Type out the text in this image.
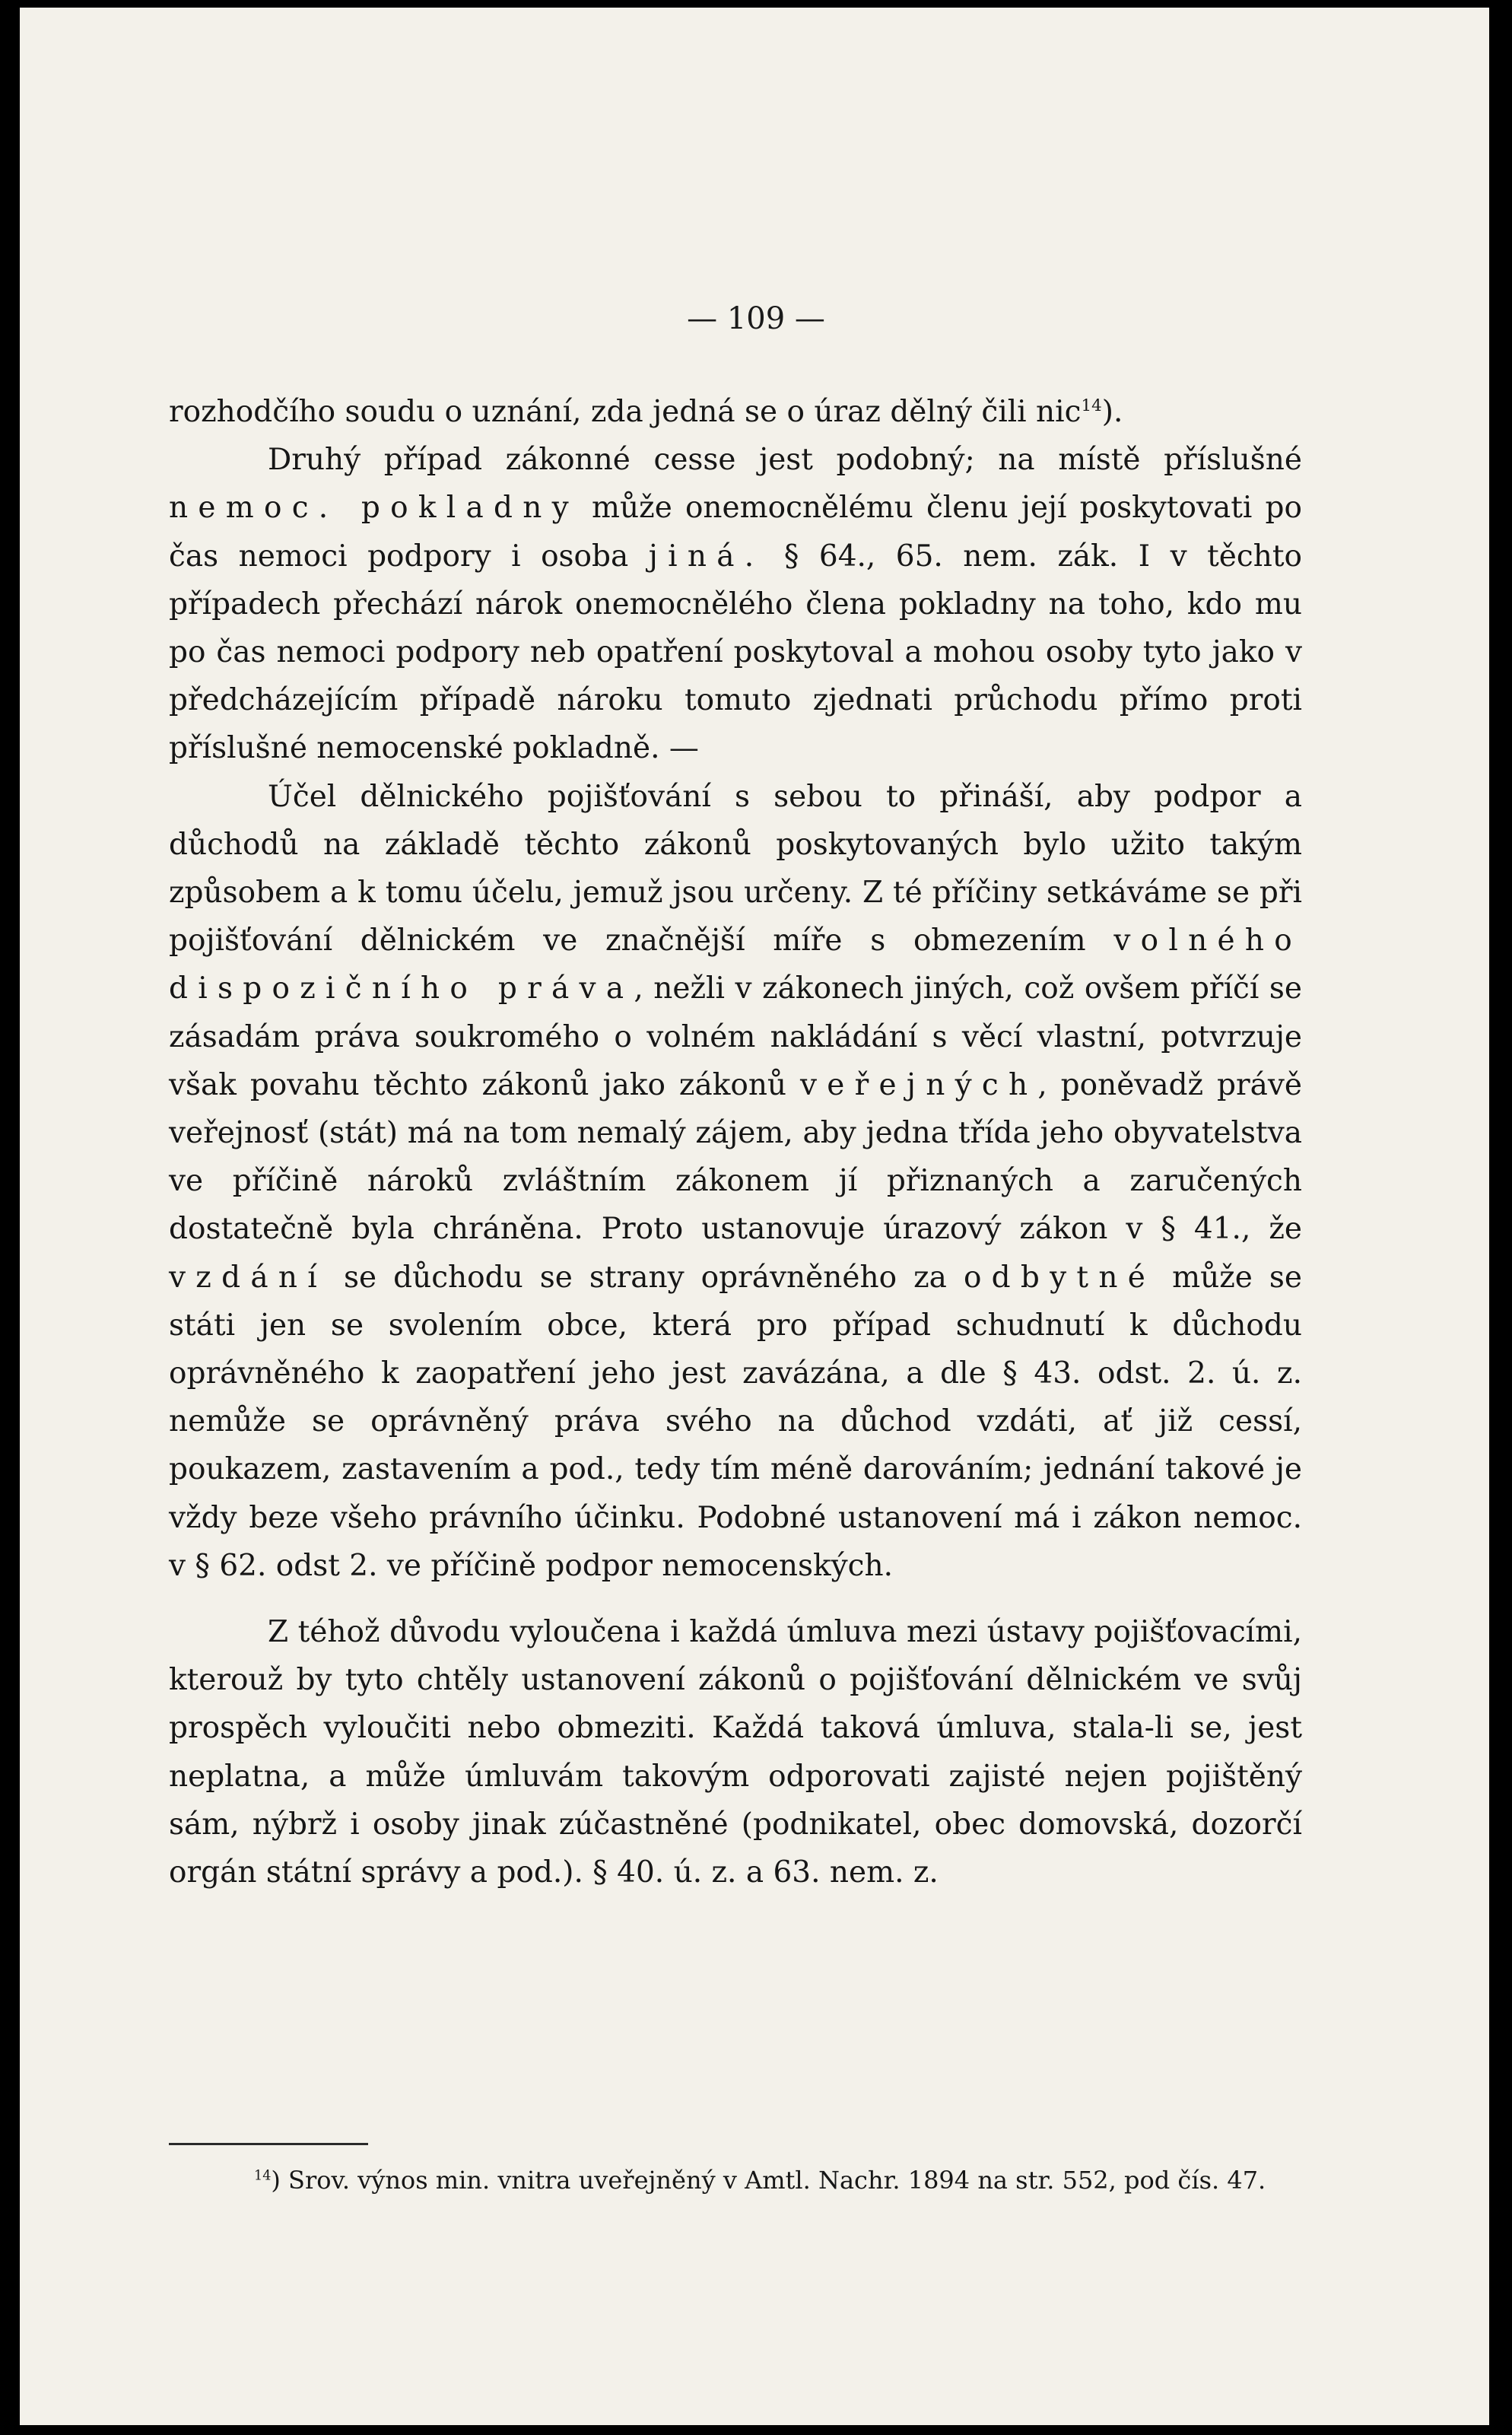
— 109 —

rozhodčího soudu o uznání, zda jedná se o úraz dělný čili nic$^{14}$).

Druhý případ zákonné cesse jest podobný; na místě příslušné nemoc. pokladny může onemocnělému členu její poskytovati po čas nemoci podpory i osoba jiná. § 64., 65. nem. zák. I v těchto případech přechází nárok onemocnělého člena pokladny na toho, kdo mu po čas nemoci podpory neb opatření poskytoval a mohou osoby tyto jako v předcházejícím případě nároku tomuto zjednati průchodu přímo proti příslušné nemocenské pokladně. —

Účel dělnického pojišťování s sebou to přináší, aby podpor a důchodů na základě těchto zákonů poskytovaných bylo užito takým způsobem a k tomu účelu, jemuž jsou určeny. Z té příčiny setkáváme se při pojišťování dělnickém ve značnější míře s obmezením volného dispozičního práva, nežli v zákonech jiných, což ovšem příčí se zásadám práva soukromého o volném nakládání s věcí vlastní, potvrzuje však povahu těchto zákonů jako zákonů veřejných, poněvadž právě veřejnosť (stát) má na tom nemalý zájem, aby jedna třída jeho obyvatelstva ve příčině nároků zvláštním zákonem jí přiznaných a zaručených dostatečně byla chráněna. Proto ustanovuje úrazový zákon v § 41., že vzdání se důchodu se strany oprávněného za odbytné může se státi jen se svolením obce, která pro případ schudnutí k důchodu oprávněného k zaopatření jeho jest zavázána, a dle § 43. odst. 2. ú. z. nemůže se oprávněný práva svého na důchod vzdáti, ať již cessí, poukazem, zastavením a pod., tedy tím méně darováním; jednání takové je vždy beze všeho právního účinku. Podobné ustanovení má i zákon nemoc. v § 62. odst 2. ve příčině podpor nemocenských.

Z téhož důvodu vyloučena i každá úmluva mezi ústavy pojišťovacími, kterouž by tyto chtěly ustanovení zákonů o pojišťování dělnickém ve svůj prospěch vyloučiti nebo obmeziti. Každá taková úmluva, stala-li se, jest neplatna, a může úmluvám takovým odporovati zajisté nejen pojištěný sám, nýbrž i osoby jinak zúčastněné (podnikatel, obec domovská, dozorčí orgán státní správy a pod.). § 40. ú. z. a 63. nem. z.

$^{14}$) Srov. výnos min. vnitra uveřejněný v Amtl. Nachr. 1894 na str. 552, pod čís. 47.
